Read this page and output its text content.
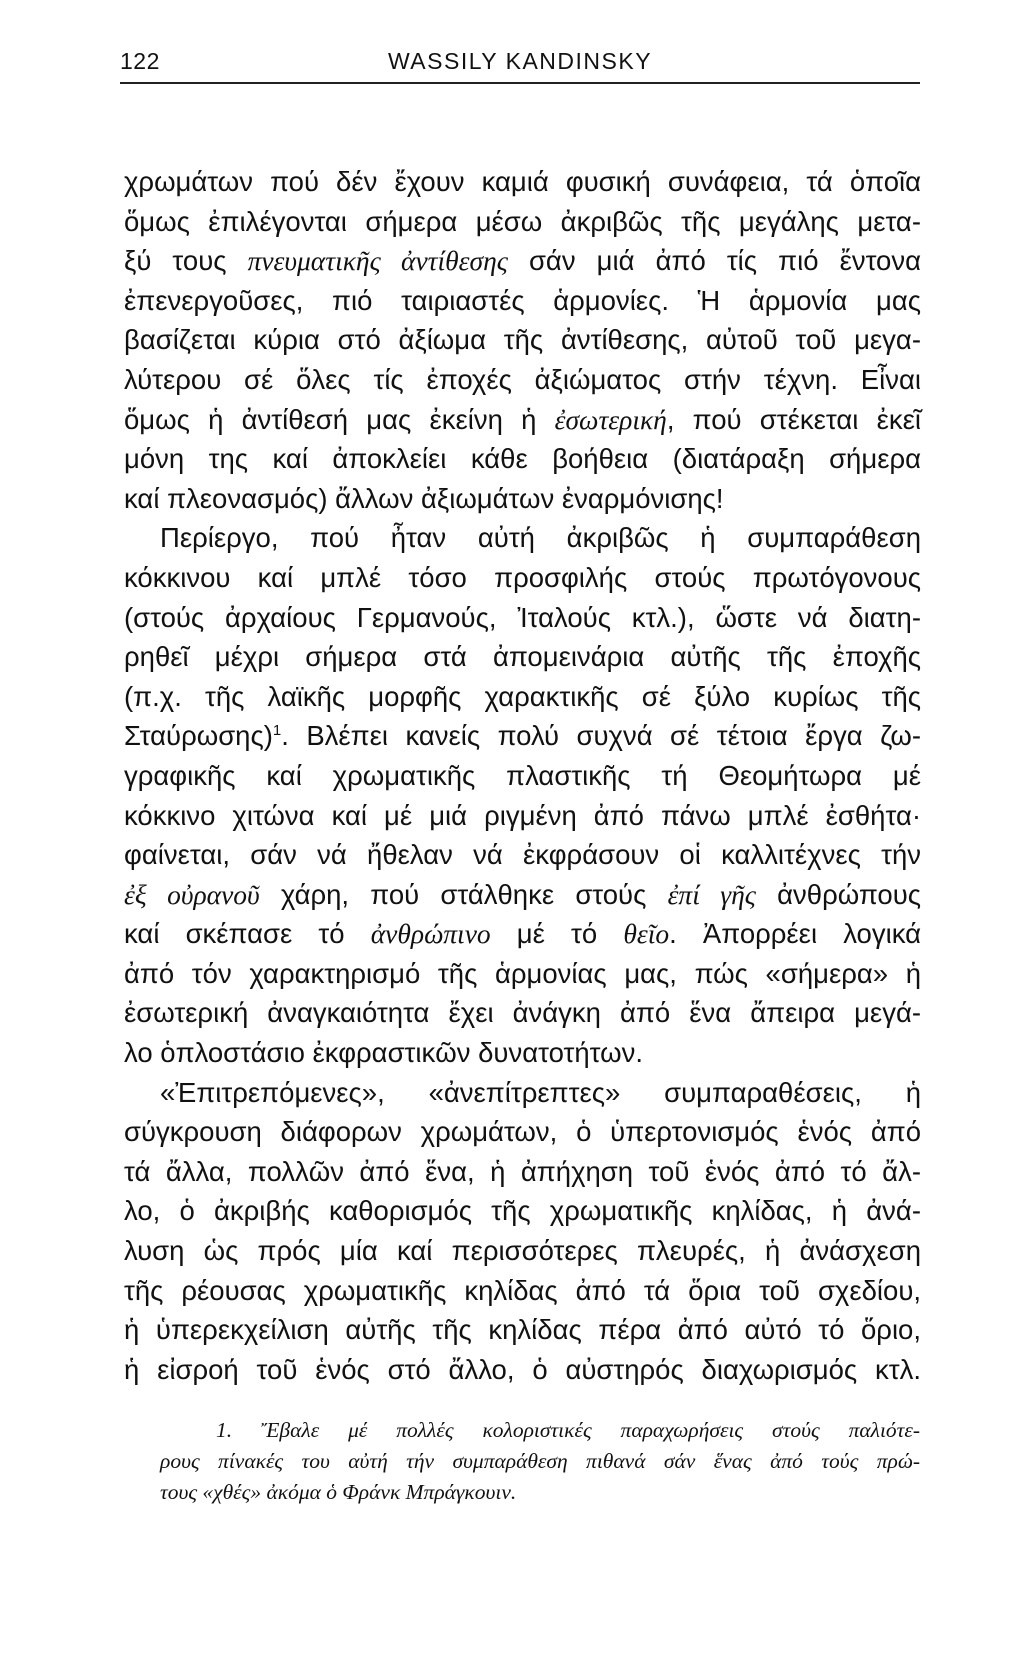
122	WASSILY KANDINSKY
χρωμάτων πού δέν ἔχουν καμιά φυσική συνάφεια, τά ὁποῖα
ὅμως ἐπιλέγονται σήμερα μέσω ἀκριβῶς τῆς μεγάλης μετα-
ξύ τους πνευματικῆς ἀντίθεσης σάν μιά ἀπό τίς πιό ἔντονα
ἐπενεργοῦσες, πιό ταιριαστές ἁρμονίες. Ἡ ἁρμονία μας
βασίζεται κύρια στό ἀξίωμα τῆς ἀντίθεσης, αὐτοῦ τοῦ μεγα-
λύτερου σέ ὅλες τίς ἐποχές ἀξιώματος στήν τέχνη. Εἶναι
ὅμως ἡ ἀντίθεσή μας ἐκείνη ἡ ἐσωτερική, πού στέκεται ἐκεῖ
μόνη της καί ἀποκλείει κάθε βοήθεια (διατάραξη σήμερα
καί πλεονασμός) ἄλλων ἀξιωμάτων ἐναρμόνισης!
Περίεργο, πού ἦταν αὐτή ἀκριβῶς ἡ συμπαράθεση
κόκκινου καί μπλέ τόσο προσφιλής στούς πρωτόγονους
(στούς ἀρχαίους Γερμανούς, Ἰταλούς κτλ.), ὥστε νά διατη-
ρηθεῖ μέχρι σήμερα στά ἀπομεινάρια αὐτῆς τῆς ἐποχῆς
(π.χ. τῆς λαϊκῆς μορφῆς χαρακτικῆς σέ ξύλο κυρίως τῆς
Σταύρωσης)$^1$. Βλέπει κανείς πολύ συχνά σέ τέτοια ἔργα ζω-
γραφικῆς καί χρωματικῆς πλαστικῆς τή Θεομήτωρα μέ
κόκκινο χιτώνα καί μέ μιά ριγμένη ἀπό πάνω μπλέ ἐσθήτα·
φαίνεται, σάν νά ἤθελαν νά ἐκφράσουν οἱ καλλιτέχνες τήν
ἐξ οὐρανοῦ χάρη, πού στάλθηκε στούς ἐπί γῆς ἀνθρώπους
καί σκέπασε τό ἀνθρώπινο μέ τό θεῖο. Ἀπορρέει λογικά
ἀπό τόν χαρακτηρισμό τῆς ἁρμονίας μας, πώς «σήμερα» ἡ
ἐσωτερική ἀναγκαιότητα ἔχει ἀνάγκη ἀπό ἕνα ἄπειρα μεγά-
λο ὁπλοστάσιο ἐκφραστικῶν δυνατοτήτων.
«Ἐπιτρεπόμενες», «ἀνεπίτρεπτες» συμπαραθέσεις, ἡ
σύγκρουση διάφορων χρωμάτων, ὁ ὑπερτονισμός ἑνός ἀπό
τά ἄλλα, πολλῶν ἀπό ἕνα, ἡ ἀπήχηση τοῦ ἑνός ἀπό τό ἄλ-
λο, ὁ ἀκριβής καθορισμός τῆς χρωματικῆς κηλίδας, ἡ ἀνά-
λυση ὡς πρός μία καί περισσότερες πλευρές, ἡ ἀνάσχεση
τῆς ρέουσας χρωματικῆς κηλίδας ἀπό τά ὅρια τοῦ σχεδίου,
ἡ ὑπερεκχείλιση αὐτῆς τῆς κηλίδας πέρα ἀπό αὐτό τό ὅριο,
ἡ εἰσροή τοῦ ἑνός στό ἄλλο, ὁ αὐστηρός διαχωρισμός κτλ.
1. Ἔβαλε μέ πολλές κολοριστικές παραχωρήσεις στούς παλιότε-
ρους πίνακές του αὐτή τήν συμπαράθεση πιθανά σάν ἕνας ἀπό τούς πρώ-
τους «χθές» ἀκόμα ὁ Φράνκ Μπράγκουιν.
